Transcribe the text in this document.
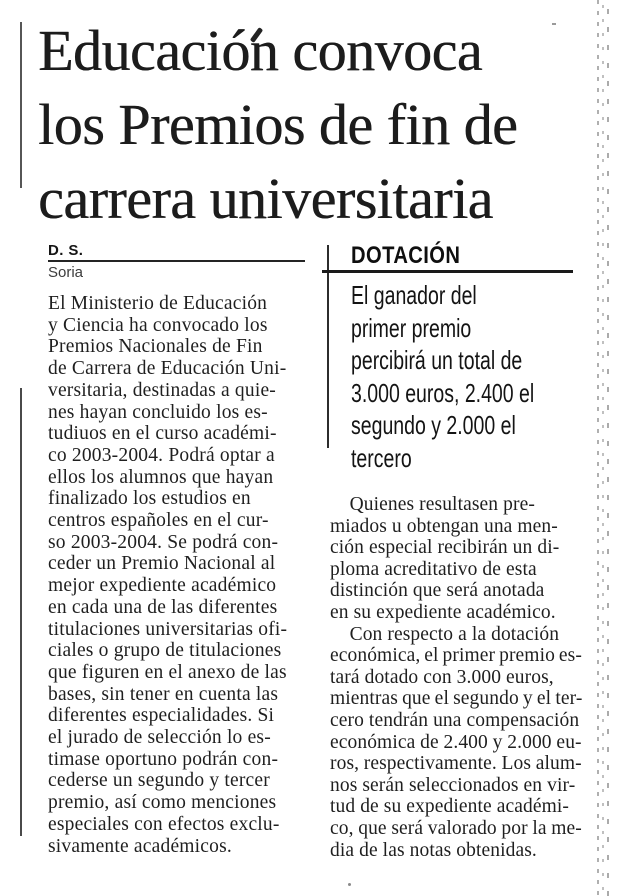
Educación convoca
los Premios de fin de
carrera universitaria
D. S.
Soria
El Ministerio de Educación
y Ciencia ha convocado los
Premios Nacionales de Fin
de Carrera de Educación Uni-
versitaria, destinadas a quie-
nes hayan concluido los es-
tudiuos en el curso académi-
co 2003-2004. Podrá optar a
ellos los alumnos que hayan
finalizado los estudios en
centros españoles en el cur-
so 2003-2004. Se podrá con-
ceder un Premio Nacional al
mejor expediente académico
en cada una de las diferentes
titulaciones universitarias ofi-
ciales o grupo de titulaciones
que figuren en el anexo de las
bases, sin tener en cuenta las
diferentes especialidades. Si
el jurado de selección lo es-
timase oportuno podrán con-
cederse un segundo y tercer
premio, así como menciones
especiales con efectos exclu-
sivamente académicos.
DOTACIÓN
El ganador del
primer premio
percibirá un total de
3.000 euros, 2.400 el
segundo y 2.000 el
tercero
 Quienes resultasen pre-
miados u obtengan una men-
ción especial recibirán un di-
ploma acreditativo de esta
distinción que será anotada
en su expediente académico.
 Con respecto a la dotación
económica, el primer premio es-
tará dotado con 3.000 euros,
mientras que el segundo y el ter-
cero tendrán una compensación
económica de 2.400 y 2.000 eu-
ros, respectivamente. Los alum-
nos serán seleccionados en vir-
tud de su expediente académi-
co, que será valorado por la me-
dia de las notas obtenidas.
